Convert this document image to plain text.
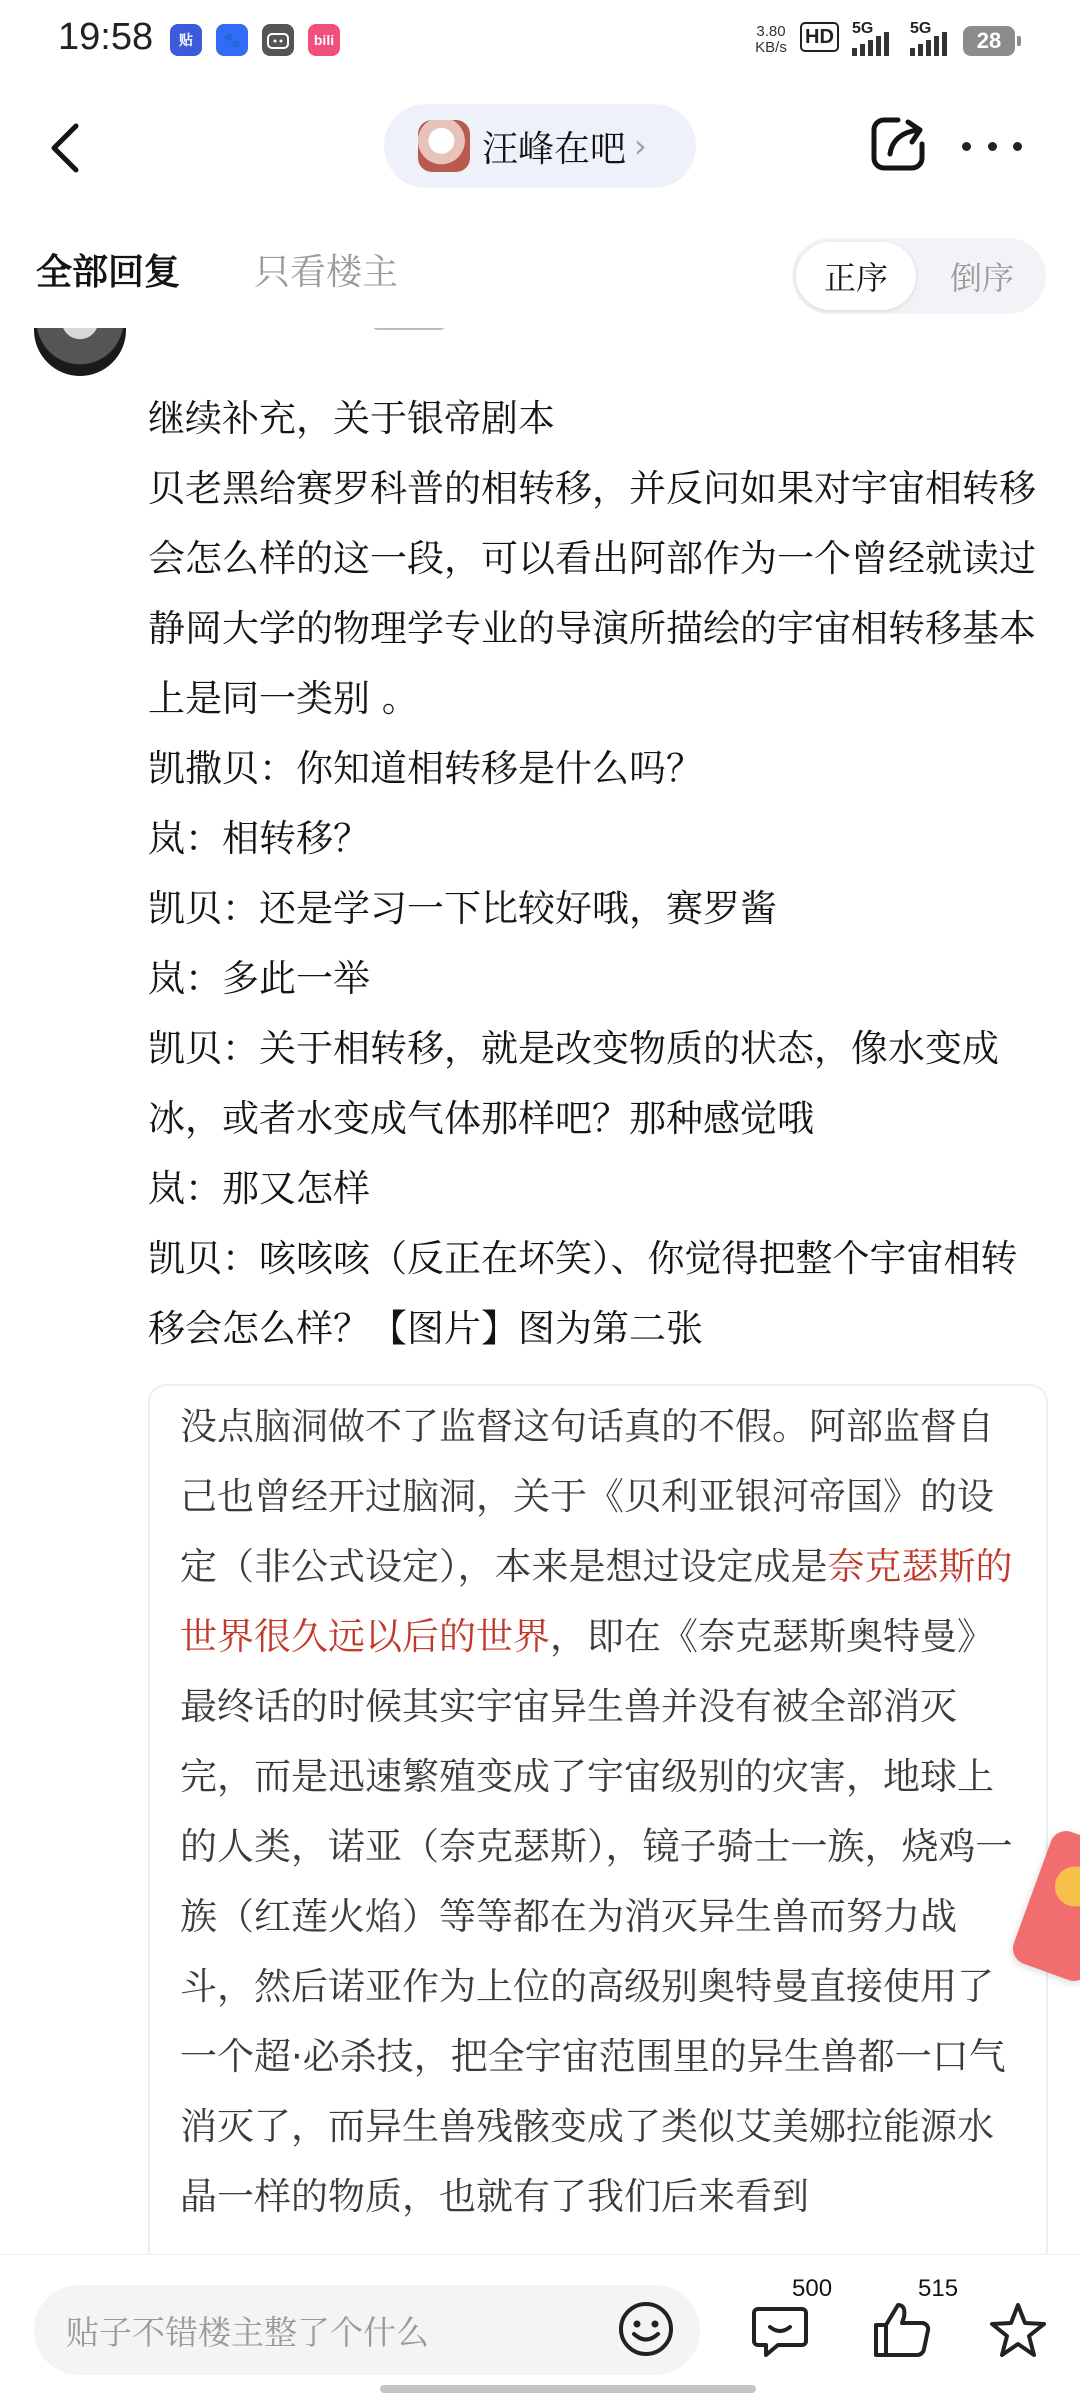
19:58	贴	🐾	bili	3.80
KB/s HD	5G 5G	28
汪峰在吧 ›
全部回复 只看楼主	正序	倒序

继续补充，关于银帝剧本

贝老黑给赛罗科普的相转移，并反问如果对宇宙相转移会怎么样的这一段，可以看出阿部作为一个曾经就读过静岡大学的物理学专业的导演所描绘的宇宙相转移基本上是同一类别 。

凯撒贝：你知道相转移是什么吗？

岚：相转移？

凯贝：还是学习一下比较好哦，赛罗酱

岚：多此一举

凯贝：关于相转移，就是改变物质的状态，像水变成冰，或者水变成气体那样吧？那种感觉哦

岚：那又怎样

凯贝：咳咳咳（反正在坏笑）、你觉得把整个宇宙相转移会怎么样？【图片】图为第二张

没点脑洞做不了监督这句话真的不假。阿部监督自己也曾经开过脑洞，关于《贝利亚银河帝国》的设定（非公式设定），本来是想过设定成是奈克瑟斯的世界很久远以后的世界，即在《奈克瑟斯奥特曼》最终话的时候其实宇宙异生兽并没有被全部消灭完，而是迅速繁殖变成了宇宙级别的灾害，地球上的人类，诺亚（奈克瑟斯），镜子骑士一族，烧鸡一族（红莲火焰）等等都在为消灭异生兽而努力战斗，然后诺亚作为上位的高级别奥特曼直接使用了一个超·必杀技，把全宇宙范围里的异生兽都一口气消灭了，而异生兽残骸变成了类似艾美娜拉能源水晶一样的物质，也就有了我们后来看到
贴子不错楼主整了个什么
500	515
